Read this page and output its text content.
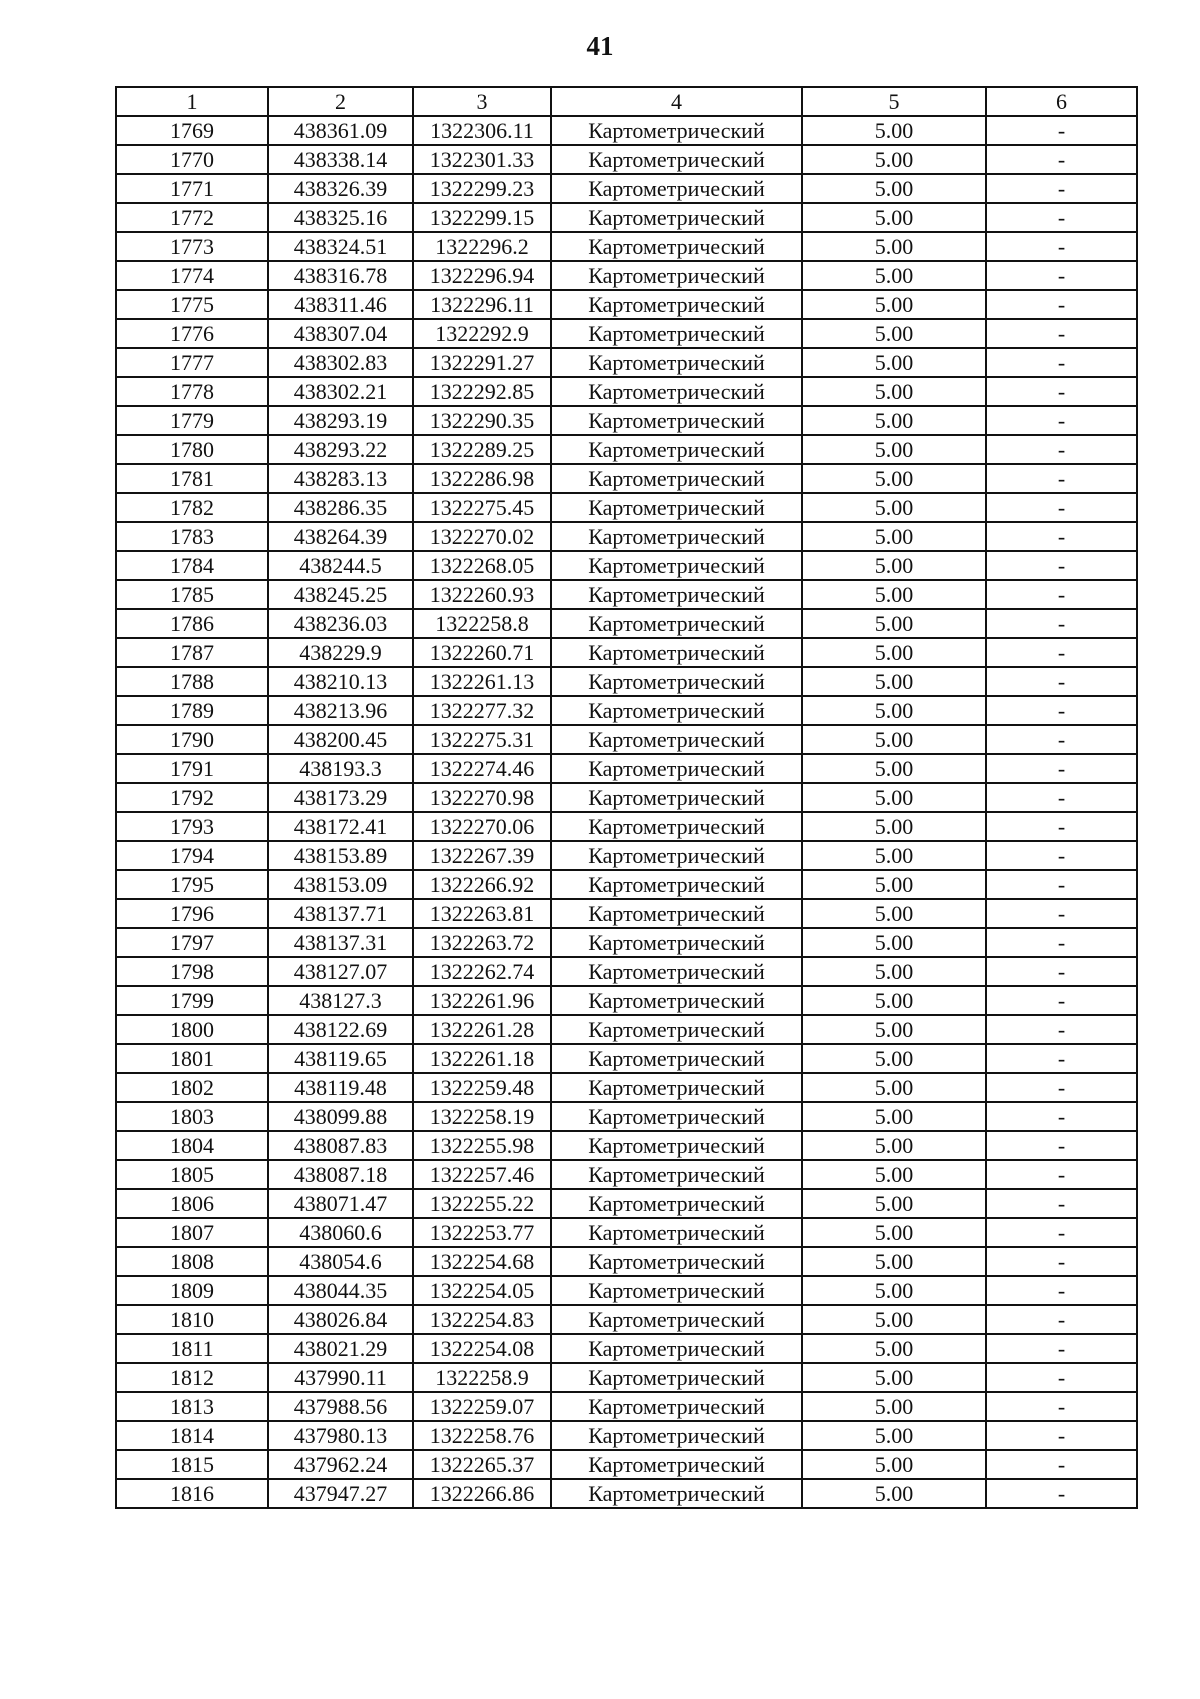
41
1	2	3	4	5	6
1769	438361.09	1322306.11	Картометрический	5.00	-
1770	438338.14	1322301.33	Картометрический	5.00	-
1771	438326.39	1322299.23	Картометрический	5.00	-
1772	438325.16	1322299.15	Картометрический	5.00	-
1773	438324.51	1322296.2	Картометрический	5.00	-
1774	438316.78	1322296.94	Картометрический	5.00	-
1775	438311.46	1322296.11	Картометрический	5.00	-
1776	438307.04	1322292.9	Картометрический	5.00	-
1777	438302.83	1322291.27	Картометрический	5.00	-
1778	438302.21	1322292.85	Картометрический	5.00	-
1779	438293.19	1322290.35	Картометрический	5.00	-
1780	438293.22	1322289.25	Картометрический	5.00	-
1781	438283.13	1322286.98	Картометрический	5.00	-
1782	438286.35	1322275.45	Картометрический	5.00	-
1783	438264.39	1322270.02	Картометрический	5.00	-
1784	438244.5	1322268.05	Картометрический	5.00	-
1785	438245.25	1322260.93	Картометрический	5.00	-
1786	438236.03	1322258.8	Картометрический	5.00	-
1787	438229.9	1322260.71	Картометрический	5.00	-
1788	438210.13	1322261.13	Картометрический	5.00	-
1789	438213.96	1322277.32	Картометрический	5.00	-
1790	438200.45	1322275.31	Картометрический	5.00	-
1791	438193.3	1322274.46	Картометрический	5.00	-
1792	438173.29	1322270.98	Картометрический	5.00	-
1793	438172.41	1322270.06	Картометрический	5.00	-
1794	438153.89	1322267.39	Картометрический	5.00	-
1795	438153.09	1322266.92	Картометрический	5.00	-
1796	438137.71	1322263.81	Картометрический	5.00	-
1797	438137.31	1322263.72	Картометрический	5.00	-
1798	438127.07	1322262.74	Картометрический	5.00	-
1799	438127.3	1322261.96	Картометрический	5.00	-
1800	438122.69	1322261.28	Картометрический	5.00	-
1801	438119.65	1322261.18	Картометрический	5.00	-
1802	438119.48	1322259.48	Картометрический	5.00	-
1803	438099.88	1322258.19	Картометрический	5.00	-
1804	438087.83	1322255.98	Картометрический	5.00	-
1805	438087.18	1322257.46	Картометрический	5.00	-
1806	438071.47	1322255.22	Картометрический	5.00	-
1807	438060.6	1322253.77	Картометрический	5.00	-
1808	438054.6	1322254.68	Картометрический	5.00	-
1809	438044.35	1322254.05	Картометрический	5.00	-
1810	438026.84	1322254.83	Картометрический	5.00	-
1811	438021.29	1322254.08	Картометрический	5.00	-
1812	437990.11	1322258.9	Картометрический	5.00	-
1813	437988.56	1322259.07	Картометрический	5.00	-
1814	437980.13	1322258.76	Картометрический	5.00	-
1815	437962.24	1322265.37	Картометрический	5.00	-
1816	437947.27	1322266.86	Картометрический	5.00	-
